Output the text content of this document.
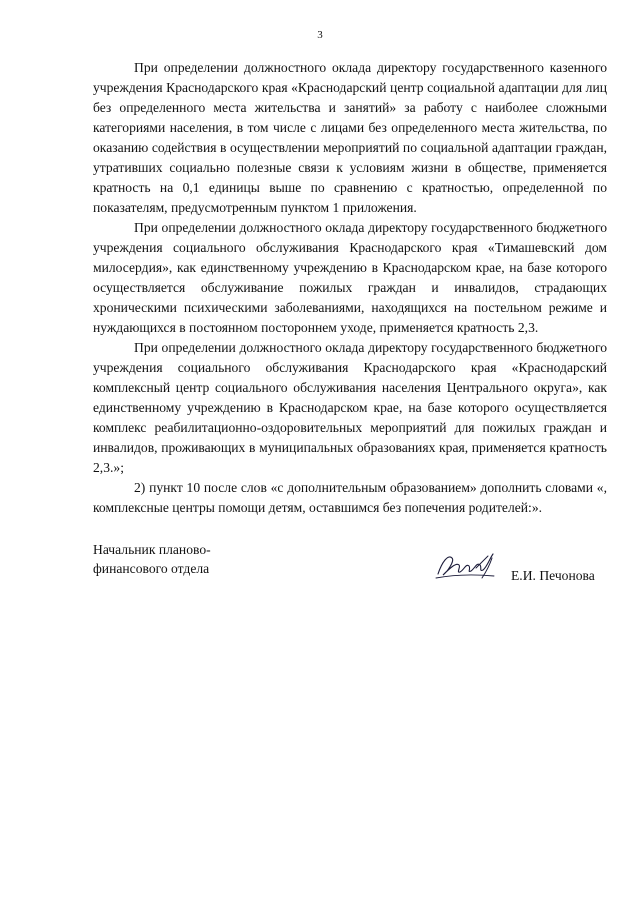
3

При определении должностного оклада директору государственного казенного учреждения Краснодарского края «Краснодарский центр социальной адаптации для лиц без определенного места жительства и занятий» за работу с наиболее сложными категориями населения, в том числе с лицами без определенного места жительства, по оказанию содействия в осуществлении мероприятий по социальной адаптации граждан, утративших социально полезные связи к условиям жизни в обществе, применяется кратность на 0,1 единицы выше по сравнению с кратностью, определенной по показателям, предусмотренным пунктом 1 приложения.

При определении должностного оклада директору государственного бюджетного учреждения социального обслуживания Краснодарского края «Тимашевский дом милосердия», как единственному учреждению в Краснодарском крае, на базе которого осуществляется обслуживание пожилых граждан и инвалидов, страдающих хроническими психическими заболеваниями, находящихся на постельном режиме и нуждающихся в постоянном постороннем уходе, применяется кратность 2,3.

При определении должностного оклада директору государственного бюджетного учреждения социального обслуживания Краснодарского края «Краснодарский комплексный центр социального обслуживания населения Центрального округа», как единственному учреждению в Краснодарском крае, на базе которого осуществляется комплекс реабилитационно-оздоровительных мероприятий для пожилых граждан и инвалидов, проживающих в муниципальных образованиях края, применяется кратность 2,3.»;

2) пункт 10 после слов «с дополнительным образованием» дополнить словами «, комплексные центры помощи детям, оставшимся без попечения родителей:».

Начальник планово-
финансового отдела	Е.И. Печонова
